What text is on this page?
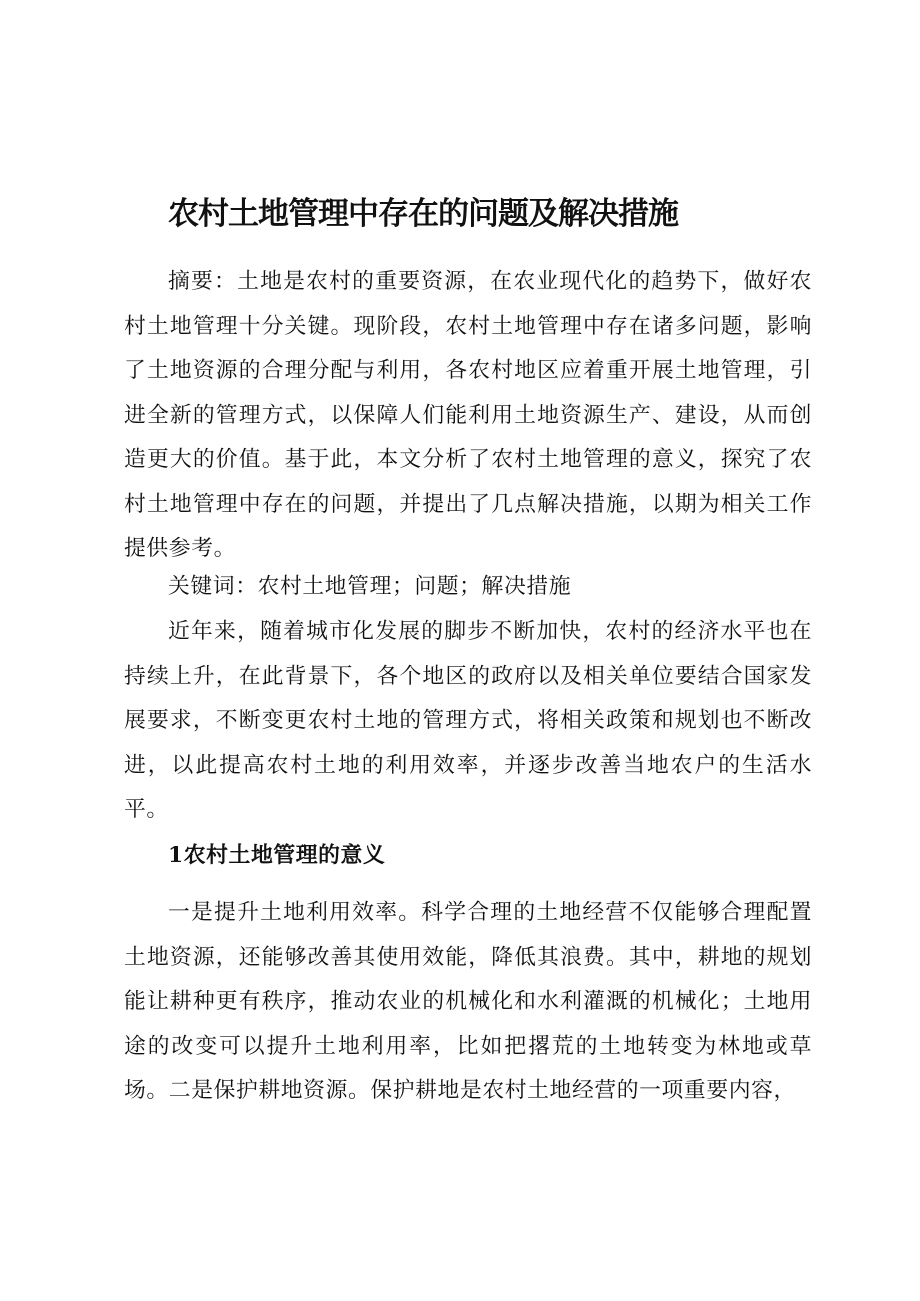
农村土地管理中存在的问题及解决措施

摘要：土地是农村的重要资源，在农业现代化的趋势下，做好农村土地管理十分关键。现阶段，农村土地管理中存在诸多问题，影响了土地资源的合理分配与利用，各农村地区应着重开展土地管理，引进全新的管理方式，以保障人们能利用土地资源生产、建设，从而创造更大的价值。基于此，本文分析了农村土地管理的意义，探究了农村土地管理中存在的问题，并提出了几点解决措施，以期为相关工作提供参考。

关键词：农村土地管理；问题；解决措施

近年来，随着城市化发展的脚步不断加快，农村的经济水平也在持续上升，在此背景下，各个地区的政府以及相关单位要结合国家发展要求，不断变更农村土地的管理方式，将相关政策和规划也不断改进，以此提高农村土地的利用效率，并逐步改善当地农户的生活水平。

1农村土地管理的意义

一是提升土地利用效率。科学合理的土地经营不仅能够合理配置土地资源，还能够改善其使用效能，降低其浪费。其中，耕地的规划能让耕种更有秩序，推动农业的机械化和水利灌溉的机械化；土地用途的改变可以提升土地利用率，比如把撂荒的土地转变为林地或草场。二是保护耕地资源。保护耕地是农村土地经营的一项重要内容，
